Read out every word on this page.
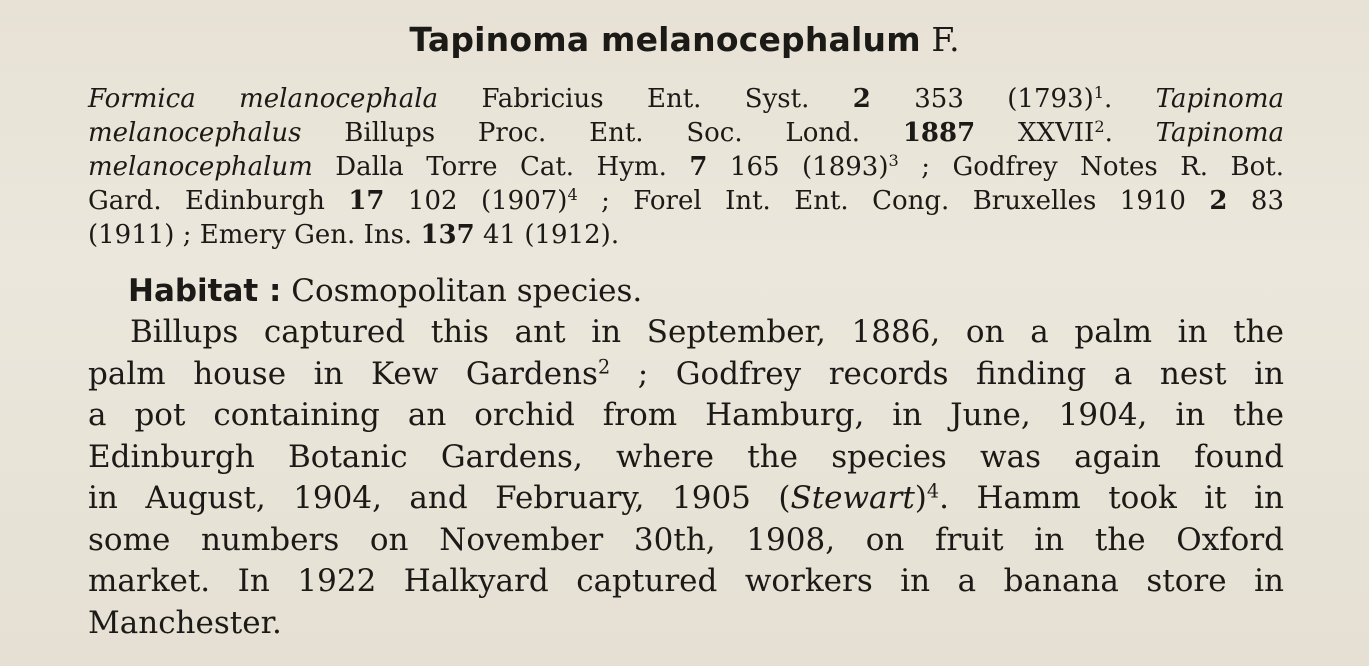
Tapinoma melanocephalum F.
Formica melanocephala Fabricius Ent. Syst. 2 353 $(1793)^1$. Tapinoma
melanocephalus Billups Proc. Ent. Soc. Lond. 1887 XXVII$^2$. Tapinoma
melanocephalum Dalla Torre Cat. Hym. 7 165 $(1893)^3$ ; Godfrey Notes R. Bot.
Gard. Edinburgh 17 102 $(1907)^4$ ; Forel Int. Ent. Cong. Bruxelles 1910 2 83
(1911) ; Emery Gen. Ins. 137 41 (1912).
Habitat : Cosmopolitan species.
Billups captured this ant in September, 1886, on a palm in the
palm house in Kew Gardens$^2$ ; Godfrey records finding a nest in
a pot containing an orchid from Hamburg, in June, 1904, in the
Edinburgh Botanic Gardens, where the species was again found
in August, 1904, and February, 1905 (Stewart)$^4$. Hamm took it in
some numbers on November 30th, 1908, on fruit in the Oxford
market. In 1922 Halkyard captured workers in a banana store in
Manchester.
